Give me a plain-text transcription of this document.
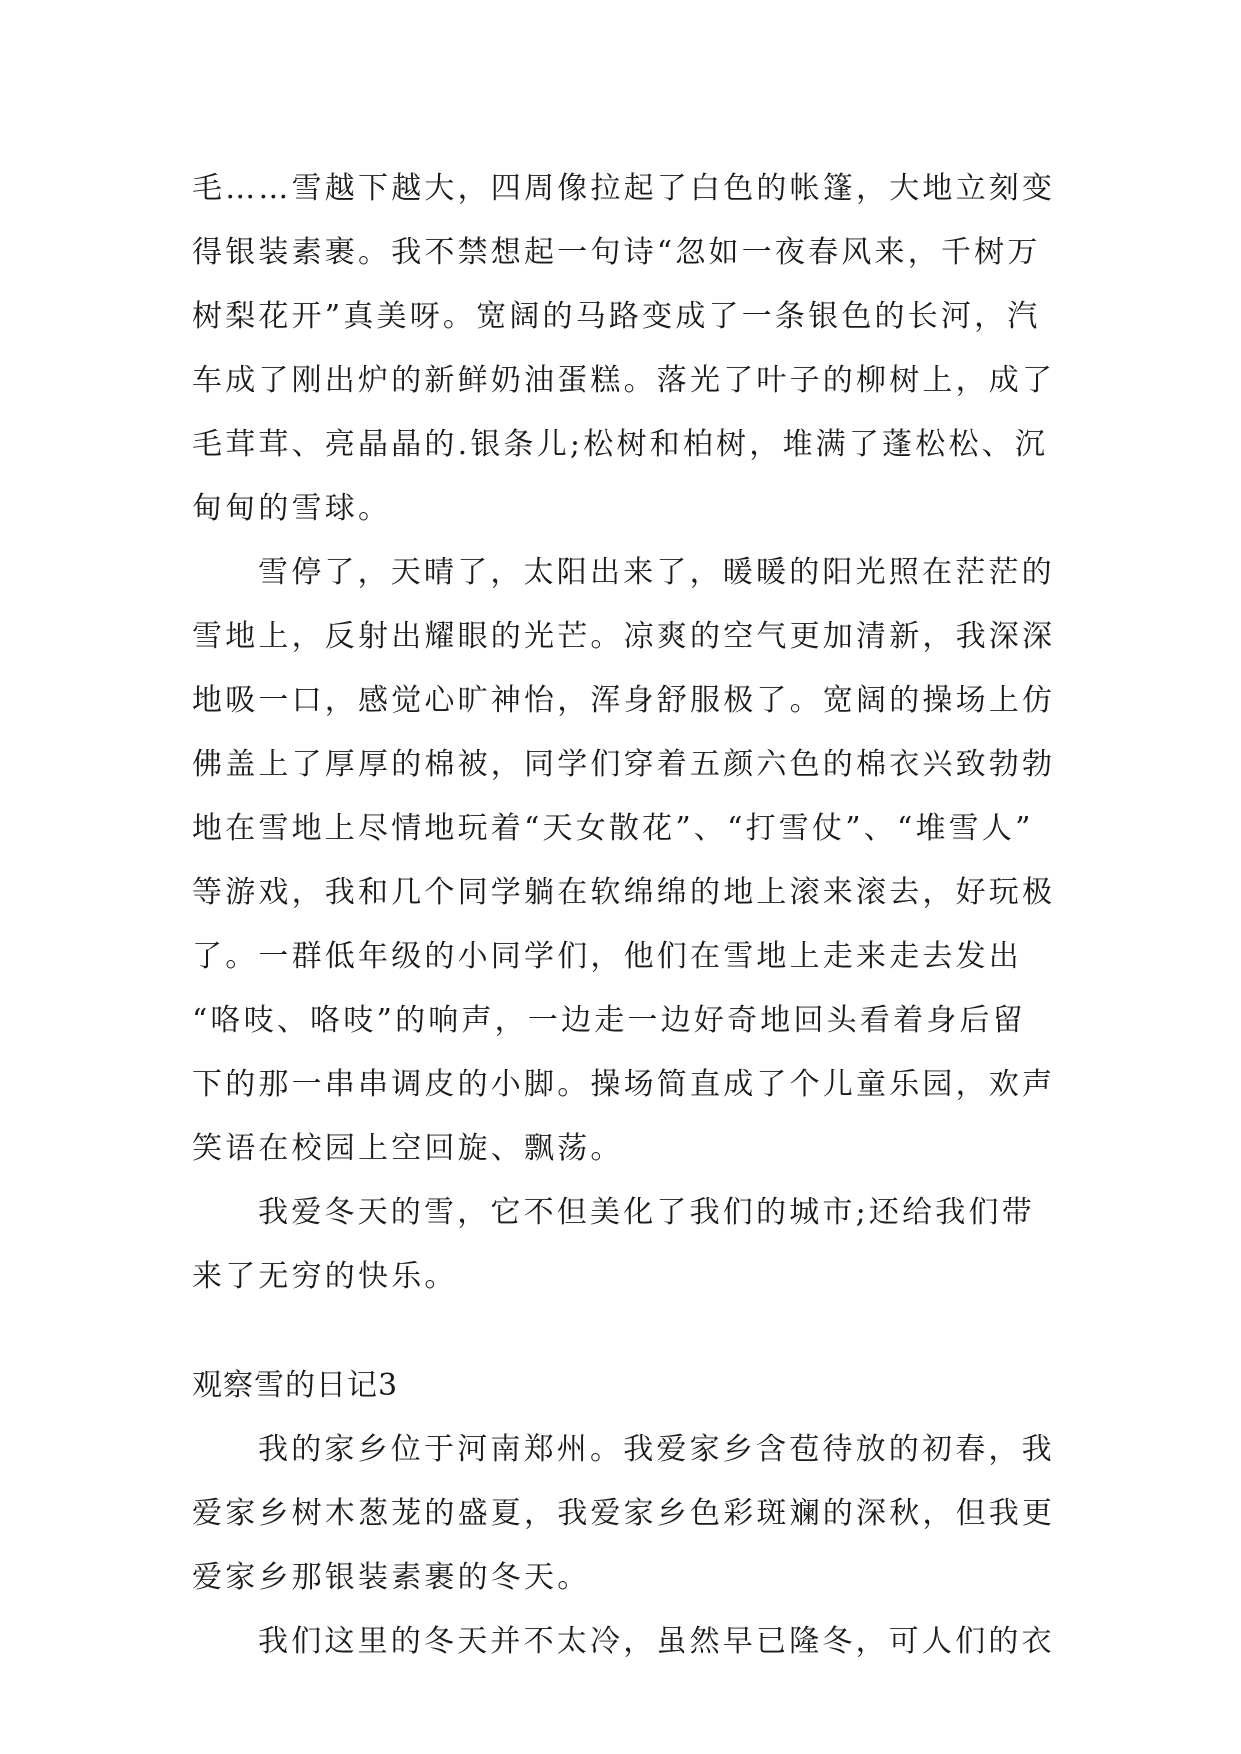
毛……雪越下越大，四周像拉起了白色的帐篷，大地立刻变
得银装素裹。我不禁想起一句诗“忽如一夜春风来，千树万
树梨花开”真美呀。宽阔的马路变成了一条银色的长河，汽
车成了刚出炉的新鲜奶油蛋糕。落光了叶子的柳树上，成了
毛茸茸、亮晶晶的.银条儿;松树和柏树，堆满了蓬松松、沉
甸甸的雪球。
雪停了，天晴了，太阳出来了，暖暖的阳光照在茫茫的
雪地上，反射出耀眼的光芒。凉爽的空气更加清新，我深深
地吸一口，感觉心旷神怡，浑身舒服极了。宽阔的操场上仿
佛盖上了厚厚的棉被，同学们穿着五颜六色的棉衣兴致勃勃
地在雪地上尽情地玩着“天女散花”、“打雪仗”、“堆雪人”
等游戏，我和几个同学躺在软绵绵的地上滚来滚去，好玩极
了。一群低年级的小同学们，他们在雪地上走来走去发出
“咯吱、咯吱”的响声，一边走一边好奇地回头看着身后留
下的那一串串调皮的小脚。操场简直成了个儿童乐园，欢声
笑语在校园上空回旋、飘荡。
我爱冬天的雪，它不但美化了我们的城市;还给我们带
来了无穷的快乐。
观察雪的日记3
我的家乡位于河南郑州。我爱家乡含苞待放的初春，我
爱家乡树木葱茏的盛夏，我爱家乡色彩斑斓的深秋，但我更
爱家乡那银装素裹的冬天。
我们这里的冬天并不太冷，虽然早已隆冬，可人们的衣
